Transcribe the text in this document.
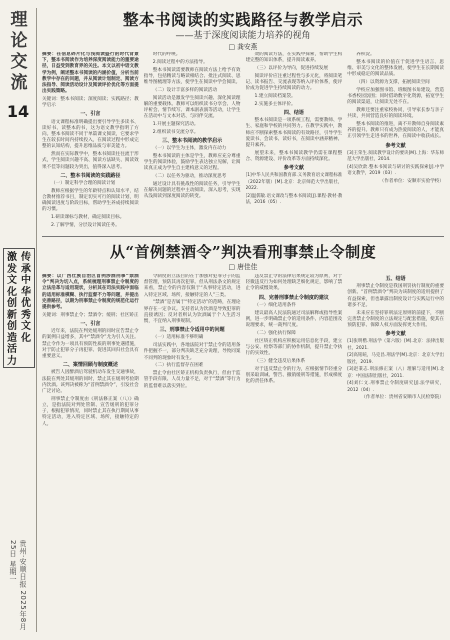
理
论
交
流
14
传
承
中
华
优
秀
文
化
激
发
文
化
创
新
创
造
活
力
贵州·安顺日报 2025年8月25日 星期一
整本书阅读的实践路径与教学启示
——基于深度阅读能力培养的视角
□ 龚安燕

摘要：在信息碎片化与浅阅读盛行的时代背景下，整本书阅读作为培养深度阅读能力的重要途径，日益受到教育界的关注。本文以初中语文教学为例，阐述整本书阅读的内涵价值，分析当前教学中存在的问题，并从阅读计划制定、阅读方法指导、阅读活动设计及阅读评价优化等方面提出实践策略。

关键词：整本书阅读；深度阅读；实践路径；教学启示

一、引言

语文课程标准明确提出要引导学生多读书、读好书、读整本的书，这为语文教学指明了方向。整本书阅读不同于单篇课文阅读，它要求学生在较长时间内持续投入，在阅读过程中形成完整的认知结构，提升思维品质与审美能力。

然而在实际教学中，整本书阅读往往流于形式，学生阅读兴趣不高、阅读方法缺失、阅读效果不佳等问题较为突出，值得深入思考。

二、整本书阅读的实践路径

（一）制定科学合理的阅读计划

教师应根据学生的年龄特点和认知水平，结合教材推荐书目，制定切实可行的阅读计划，明确阅读进度与阶段目标，帮助学生养成持续阅读的习惯。

1.研读课标与教材，确定阅读目标。

2.了解学情，分层设计阅读任务。

时代的呼唤。

2.阅读过程中的方法指导。

整本书阅读需要教师在阅读方法上给予有效指导，包括精读与略读相结合、批注式阅读、思维导图梳理等方法，使学生在阅读中学会阅读。

（二）设计丰富多样的阅读活动

阅读活动是激发学生阅读兴趣、深化阅读理解的重要载体。教师可以组织读书分享会、人物评析会、情节续写、课本剧表演等活动，让学生在活动中与文本对话、与同伴交流。

1.开展主题探究活动。

2.组织读书交流分享。

三、整本书阅读的教学启示

（一）以学生为主体，激发内在动力

整本书阅读的主体是学生，教师应充分尊重学生的阅读体验，鼓励学生表达独立见解，让阅读真正成为学生自主建构意义的过程。

（二）以任务为驱动，推动深度思考

通过设计具有挑战性的阅读任务，引导学生在解决问题的过程中主动阅读、深入思考，实现从浅阅读到深度阅读的转变。

效的阅读方法，在实践中探索，帮助学生构建完整的知识体系，提升阅读素养。

（三）以评价为导向，促进持续发展

阅读评价应注重过程性与多元化，将阅读笔记、读书报告、交流表现等纳入评价体系，使评价成为促进学生持续阅读的动力。

1.建立阅读档案袋。

2.实施多主体评价。

四、结语

整本书阅读是一项系统工程，需要教师、学生、家庭和学校的共同努力。在教学实践中，教师应不断探索整本书阅读的有效路径，引导学生爱读书、会读书、读好书，在阅读中涵养精神、提升素养。

展望未来，整本书阅读教学仍需在课程整合、资源建设、评价改革等方面持续深化。

参考文献

[1]中华人民共和国教育部.义务教育语文课程标准（2022年版）[M].北京：北京师范大学出版社，2022.

[2]温儒敏.语文课改与整本书阅读[J].课程·教材·教法，2016（05）.

养积淀。

整本书阅读的价值在于促进学生语言、思维、审美与文化的整体发展，使学生在长期阅读中形成稳定的阅读品质。

（四）以资源为支撑，拓展阅读空间

学校应加强图书馆、班级图书角建设，营造书香校园氛围；同时借助数字化资源，拓宽学生的阅读渠道，让阅读无处不在。

教师还要注重家校协同，引导家长参与亲子共读，共同营造良好的阅读环境。

整本书阅读的推进，离不开教师自身阅读素养的提升。教师只有成为热爱阅读的人，才能真正引领学生走进书的世界，在阅读中收获成长。

参考文献

[3]王荣生.阅读教学设计的要诀[M].上海：华东师范大学出版社，2014.

[4]吴欣歆.整本书阅读与研讨的实践探索[J].中学语文教学，2019（03）.

（作者单位：安顺市实验学校）

从“首例禁酒令”判决看刑事禁止令制度
□ 唐佳佳

摘要：以广西壮族自治区首例涉酒刑事“禁酒令”判决为切入点，系统梳理刑事禁止令制度的立法沿革与适用现状，分析其在司法实践中面临的适用标准模糊、执行监督不力等问题，并提出完善路径，以期为刑事禁止令制度的规范化运行提供参考。

关键词：刑事禁止令；禁酒令；缓刑；社区矫正

一、引言

近年来，法院在判处缓刑的同时宣告禁止令的案例日益增多，其中“禁酒令”尤为引人关注。禁止令作为一项具有预防性质的刑事处遇措施，对于防止犯罪分子再犯罪、促进其回归社会具有重要意义。

二、案情回顾与制度概述

被告人因醉酒后驾驶机动车发生交通事故，法院在判处其缓刑的同时，禁止其在缓刑考验期内饮酒。该判决被称为“首例禁酒令”，引发社会广泛讨论。

刑事禁止令制度由《刑法修正案（八）》确立，是指法院对判处管制、宣告缓刑的犯罪分子，根据犯罪情况，同时禁止其在执行期间从事特定活动，进入特定区域、场所，接触特定的人。

令制度的立法目的在于加强对犯罪分子的监督管理，预防其再次犯罪。但从刑法条文的规定来看，禁止令的内容仅限于“从事特定活动，进入特定区域、场所，接触特定的人”三类。

“禁酒”是否属于“特定活动”的范畴，在理论界存在一定争议。支持者认为饮酒是导致犯罪的直接诱因；反对者则认为饮酒属于个人生活习惯，不宜纳入刑事规制。

三、刑事禁止令适用中的问题

（一）适用标准不够明确

司法实践中，各地法院对于禁止令的适用条件把握不一，部分判决缺乏充分说理，导致同案不同判的现象时有发生。

（二）执行监督存在困难

禁止令由社区矫正机构负责执行，但由于监管手段有限、人员力量不足，对于“禁酒”等行为的监督难以落实到位。

违反禁止令的法律后果规定较为原则，对于轻微违反行为如何处理缺乏细化规定，影响了禁止令的威慑效果。

四、完善刑事禁止令制度的建议

（一）细化适用条件

建议最高人民法院通过司法解释或指导性案例，进一步明确禁止令的适用条件、内容范围及说理要求，统一裁判尺度。

（二）强化执行保障

社区矫正机构应积极运用信息化手段，建立与公安、检察等部门的协作机制，提升禁止令执行的实效性。

（三）健全违反后果体系

对于违反禁止令的行为，应根据情节轻重分别采取训诫、警告、撤销缓刑等措施，形成梯度化的责任体系。

五、结语

刑事禁止令制度是我国刑罚执行制度的重要创新。“首例禁酒令”判决为该制度的适用提供了有益探索，但也暴露出制度设计与实践运行中的诸多不足。

未来应在坚持罪刑法定原则的前提下，不断完善禁止令制度的立法规定与配套措施，使其在预防犯罪、保障人权方面发挥更大作用。

参考文献

[1]张明楷.刑法学（第六版）[M].北京：法律出版社，2021.

[2]高铭暄，马克昌.刑法学[M].北京：北京大学出版社，2019.

[3]赵秉志.刑法修正案（八）理解与适用[M].北京：中国法制出版社，2011.

[4]刘仁文.刑事禁止令制度研究[J].法学研究，2012（04）.

（作者单位：贵州省安顺市人民检察院）
